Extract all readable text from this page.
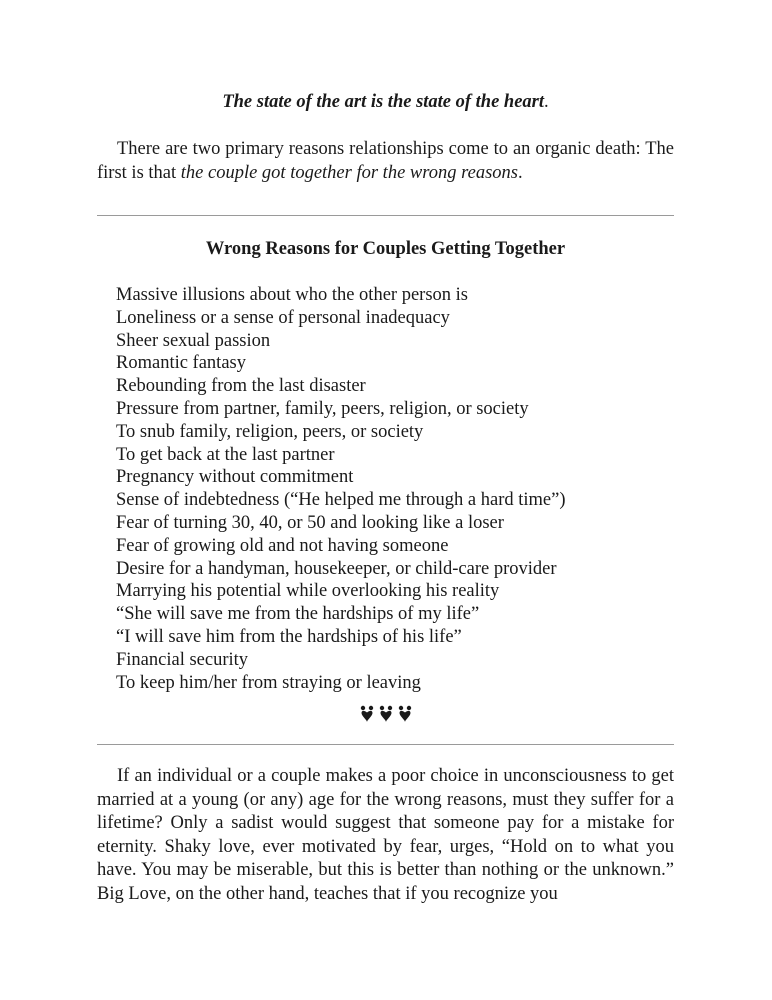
The state of the art is the state of the heart.

There are two primary reasons relationships come to an organic death: The first is that the couple got together for the wrong reasons.

Wrong Reasons for Couples Getting Together
Massive illusions about who the other person is
Loneliness or a sense of personal inadequacy
Sheer sexual passion
Romantic fantasy
Rebounding from the last disaster
Pressure from partner, family, peers, religion, or society
To snub family, religion, peers, or society
To get back at the last partner
Pregnancy without commitment
Sense of indebtedness (“He helped me through a hard time”)
Fear of turning 30, 40, or 50 and looking like a loser
Fear of growing old and not having someone
Desire for a handyman, housekeeper, or child-care provider
Marrying his potential while overlooking his reality
“She will save me from the hardships of my life”
“I will save him from the hardships of his life”
Financial security
To keep him/her from straying or leaving

If an individual or a couple makes a poor choice in unconsciousness to get married at a young (or any) age for the wrong reasons, must they suffer for a lifetime? Only a sadist would suggest that someone pay for a mistake for eternity. Shaky love, ever motivated by fear, urges, “Hold on to what you have. You may be miserable, but this is better than nothing or the unknown.” Big Love, on the other hand, teaches that if you recognize you
